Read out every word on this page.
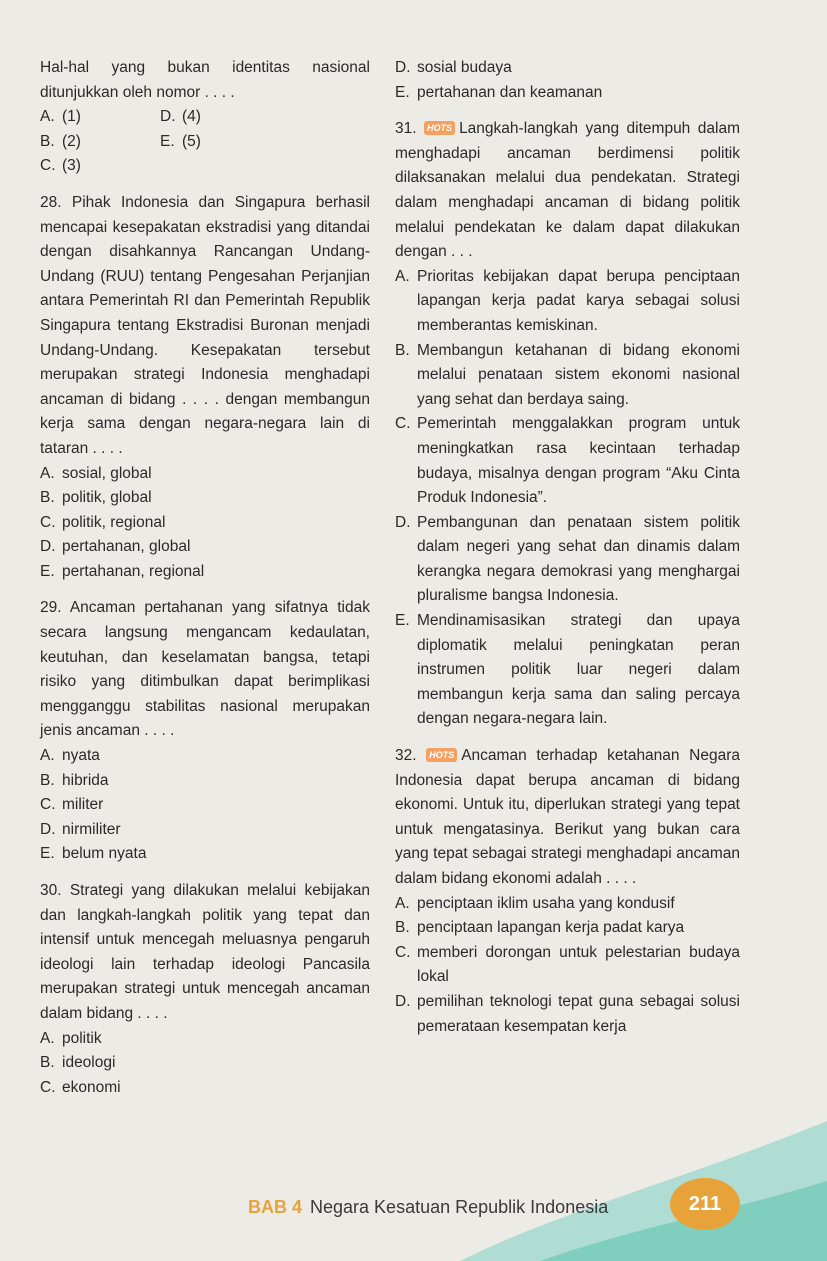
Hal-hal yang bukan identitas nasional ditunjukkan oleh nomor . . . .
A. (1)	D. (4)
B. (2)	E. (5)
C. (3)
28. Pihak Indonesia dan Singapura berhasil mencapai kesepakatan ekstradisi yang ditandai dengan disahkannya Rancangan Undang-Undang (RUU) tentang Pengesahan Perjanjian antara Pemerintah RI dan Pemerintah Republik Singapura tentang Ekstradisi Buronan menjadi Undang-Undang. Kesepakatan tersebut merupakan strategi Indonesia menghadapi ancaman di bidang . . . . dengan membangun kerja sama dengan negara-negara lain di tataran . . . .
A. sosial, global
B. politik, global
C. politik, regional
D. pertahanan, global
E. pertahanan, regional
29. Ancaman pertahanan yang sifatnya tidak secara langsung mengancam kedaulatan, keutuhan, dan keselamatan bangsa, tetapi risiko yang ditimbulkan dapat berimplikasi mengganggu stabilitas nasional merupakan jenis ancaman . . . .
A. nyata
B. hibrida
C. militer
D. nirmiliter
E. belum nyata
30. Strategi yang dilakukan melalui kebijakan dan langkah-langkah politik yang tepat dan intensif untuk mencegah meluasnya pengaruh ideologi lain terhadap ideologi Pancasila merupakan strategi untuk mencegah ancaman dalam bidang . . . .
A. politik
B. ideologi
C. ekonomi
D. sosial budaya
E. pertahanan dan keamanan
31. HOTS Langkah-langkah yang ditempuh dalam menghadapi ancaman berdimensi politik dilaksanakan melalui dua pendekatan. Strategi dalam menghadapi ancaman di bidang politik melalui pendekatan ke dalam dapat dilakukan dengan . . .
A. Prioritas kebijakan dapat berupa penciptaan lapangan kerja padat karya sebagai solusi memberantas kemiskinan.
B. Membangun ketahanan di bidang ekonomi melalui penataan sistem ekonomi nasional yang sehat dan berdaya saing.
C. Pemerintah menggalakkan program untuk meningkatkan rasa kecintaan terhadap budaya, misalnya dengan program “Aku Cinta Produk Indonesia”.
D. Pembangunan dan penataan sistem politik dalam negeri yang sehat dan dinamis dalam kerangka negara demokrasi yang menghargai pluralisme bangsa Indonesia.
E. Mendinamisasikan strategi dan upaya diplomatik melalui peningkatan peran instrumen politik luar negeri dalam membangun kerja sama dan saling percaya dengan negara-negara lain.
32. HOTS Ancaman terhadap ketahanan Negara Indonesia dapat berupa ancaman di bidang ekonomi. Untuk itu, diperlukan strategi yang tepat untuk mengatasinya. Berikut yang bukan cara yang tepat sebagai strategi menghadapi ancaman dalam bidang ekonomi adalah . . . .
A. penciptaan iklim usaha yang kondusif
B. penciptaan lapangan kerja padat karya
C. memberi dorongan untuk pelestarian budaya lokal
D. pemilihan teknologi tepat guna sebagai solusi pemerataan kesempatan kerja
BAB 4 Negara Kesatuan Republik Indonesia	211
